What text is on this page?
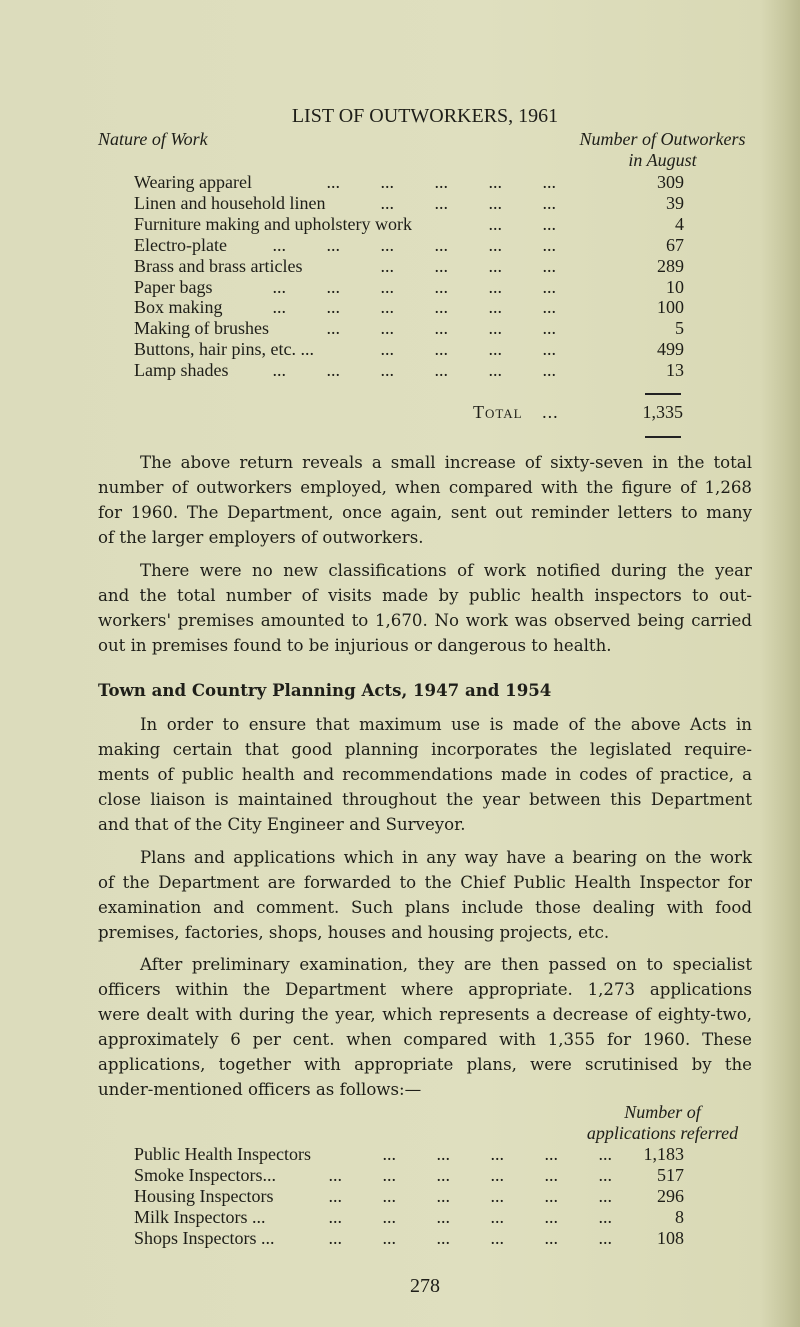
LIST OF OUTWORKERS, 1961
Nature of Work	Number of Outworkers
in August
Wearing apparel	... ... ... ... ...	309
Linen and household linen	... ... ... ...	39
Furniture making and upholstery work	... ...	4
Electro-plate	... ... ... ... ... ...	67
Brass and brass articles	... ... ... ...	289
Paper bags	... ... ... ... ... ...	10
Box making	... ... ... ... ... ...	100
Making of brushes	... ... ... ... ...	5
Buttons, hair pins, etc. ...	... ... ... ...	499
Lamp shades ... ... ... ... ... ...	13
Total ...	1,335
The above return reveals a small increase of sixty-seven in the total
number of outworkers employed, when compared with the figure of 1,268
for 1960. The Department, once again, sent out reminder letters to many
of the larger employers of outworkers.
There were no new classifications of work notified during the year
and the total number of visits made by public health inspectors to out-
workers' premises amounted to 1,670. No work was observed being carried
out in premises found to be injurious or dangerous to health.
Town and Country Planning Acts, 1947 and 1954
In order to ensure that maximum use is made of the above Acts in
making certain that good planning incorporates the legislated require-
ments of public health and recommendations made in codes of practice, a
close liaison is maintained throughout the year between this Department
and that of the City Engineer and Surveyor.
Plans and applications which in any way have a bearing on the work
of the Department are forwarded to the Chief Public Health Inspector for
examination and comment. Such plans include those dealing with food
premises, factories, shops, houses and housing projects, etc.
After preliminary examination, they are then passed on to specialist
officers within the Department where appropriate. 1,273 applications
were dealt with during the year, which represents a decrease of eighty-two,
approximately 6 per cent. when compared with 1,355 for 1960. These
applications, together with appropriate plans, were scrutinised by the
under-mentioned officers as follows:—
Number of
applications referred
Public Health Inspectors	... ... ... ... ... 1,183
Smoke Inspectors...	... ... ... ... ... ...	517
Housing Inspectors	... ... ... ... ... ...	296
Milk Inspectors ...	... ... ... ... ... ...	8
Shops Inspectors ...	... ... ... ... ... ...	108
278
